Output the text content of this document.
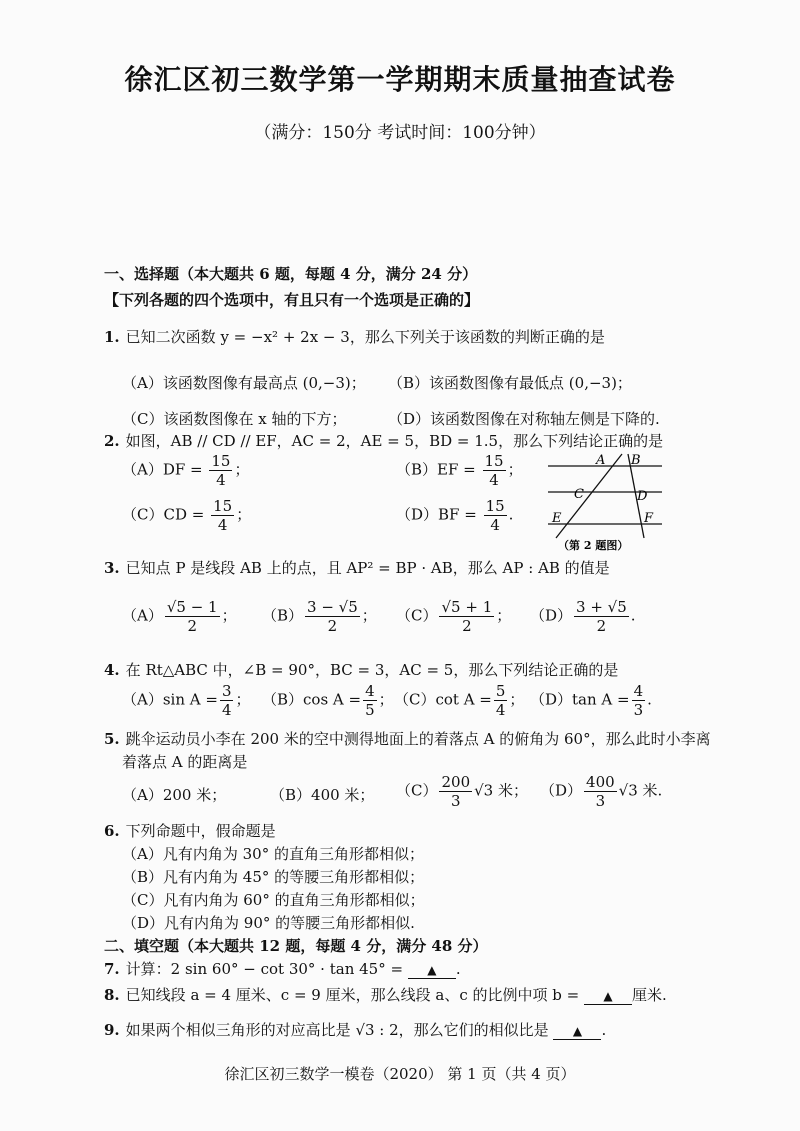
徐汇区初三数学第一学期期末质量抽查试卷
（满分：150分 考试时间：100分钟）
一、选择题（本大题共 6 题，每题 4 分，满分 24 分）
【下列各题的四个选项中，有且只有一个选项是正确的】
1. 已知二次函数 y = −x² + 2x − 3，那么下列关于该函数的判断正确的是
（A）该函数图像有最高点 (0,−3)； （B）该函数图像有最低点 (0,−3)；
（C）该函数图像在 x 轴的下方；	（D）该函数图像在对称轴左侧是下降的.
2. 如图，AB // CD // EF，AC = 2，AE = 5，BD = 1.5，那么下列结论正确的是
$(A)DF = \frac{15}{4}$ ；	$(B)EF = \frac{15}{4}$ ；
$(C)CD = \frac{15}{4}$ ；	$(D)BF = \frac{15}{4}$ .
A B
C	D
E	F
（第 2 题图）
3. 已知点 P 是线段 AB 上的点，且 AP² = BP · AB，那么 AP : AB 的值是
$(A) \frac{√5 - 1}{2}$ ； $(B) \frac{3 - √5}{2}$ ； $(C) \frac{√5 + 1}{2}$ ； $(D) \frac{3 + √5}{2}$ .
4. 在 Rt△ABC 中，∠B = 90°，BC = 3，AC = 5，那么下列结论正确的是
（A）sin $A = \frac{3}{4}$ ； （B）cos $A = \frac{4}{5}$ ； （C）cot $A = \frac{5}{4}$ ； （D）tan $A = \frac{4}{3}$ .
5. 跳伞运动员小李在 200 米的空中测得地面上的着落点 A 的俯角为 60°，那么此时小李离
着落点 A 的距离是
（A）200 米；	（B）400 米； $(C) \frac{200}{3} √3$ 米； $(D) \frac{400}{3} √3$ 米.
6. 下列命题中，假命题是
（A）凡有内角为 30° 的直角三角形都相似；
（B）凡有内角为 45° 的等腰三角形都相似；
（C）凡有内角为 60° 的直角三角形都相似；
（D）凡有内角为 90° 的等腰三角形都相似.
二、填空题（本大题共 12 题，每题 4 分，满分 48 分）
7. 计算：2 sin 60° − cot 30° · tan 45° = ▲ .
8. 已知线段 a = 4 厘米、c = 9 厘米，那么线段 a、c 的比例中项 b = ▲ 厘米.
9. 如果两个相似三角形的对应高比是 √3 : 2，那么它们的相似比是 ▲ .
徐汇区初三数学一模卷（2020） 第 1 页（共 4 页）
